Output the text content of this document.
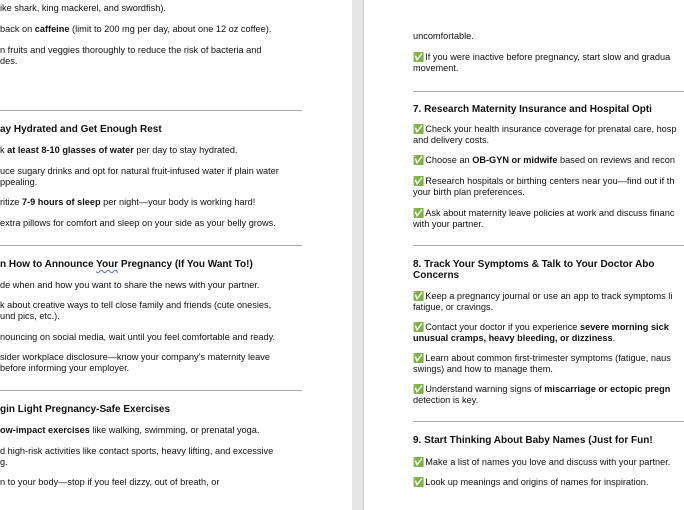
ike shark, king mackerel, and swordfish).
back on caffeine (limit to 200 mg per day, about one 12 oz coffee).
n fruits and veggies thoroughly to reduce the risk of bacteria and
des.
ay Hydrated and Get Enough Rest
k at least 8-10 glasses of water per day to stay hydrated.
uce sugary drinks and opt for natural fruit-infused water if plain water
ppealing.
ritize 7-9 hours of sleep per night—your body is working hard!
extra pillows for comfort and sleep on your side as your belly grows.
n How to Announce Your Pregnancy (If You Want To!)
de when and how you want to share the news with your partner.
k about creative ways to tell close family and friends (cute onesies,
und pics, etc.).
nouncing on social media, wait until you feel comfortable and ready.
sider workplace disclosure—know your company’s maternity leave
before informing your employer.
gin Light Pregnancy-Safe Exercises
ow-impact exercises like walking, swimming, or prenatal yoga.
d high-risk activities like contact sports, heavy lifting, and excessive
g.
n to your body—stop if you feel dizzy, out of breath, or
uncomfortable.
✅If you were inactive before pregnancy, start slow and gradua
movement.
7. Research Maternity Insurance and Hospital Opti
✅Check your health insurance coverage for prenatal care, hosp
and delivery costs.
✅Choose an OB-GYN or midwife based on reviews and recon
✅Research hospitals or birthing centers near you—find out if th
your birth plan preferences.
✅Ask about maternity leave policies at work and discuss financ
with your partner.
8. Track Your Symptoms & Talk to Your Doctor Abo
Concerns
✅Keep a pregnancy journal or use an app to track symptoms li
fatigue, or cravings.
✅Contact your doctor if you experience severe morning sick
unusual cramps, heavy bleeding, or dizziness.
✅Learn about common first-trimester symptoms (fatigue, naus
swings) and how to manage them.
✅Understand warning signs of miscarriage or ectopic pregn
detection is key.
9. Start Thinking About Baby Names (Just for Fun!
✅Make a list of names you love and discuss with your partner.
✅Look up meanings and origins of names for inspiration.
